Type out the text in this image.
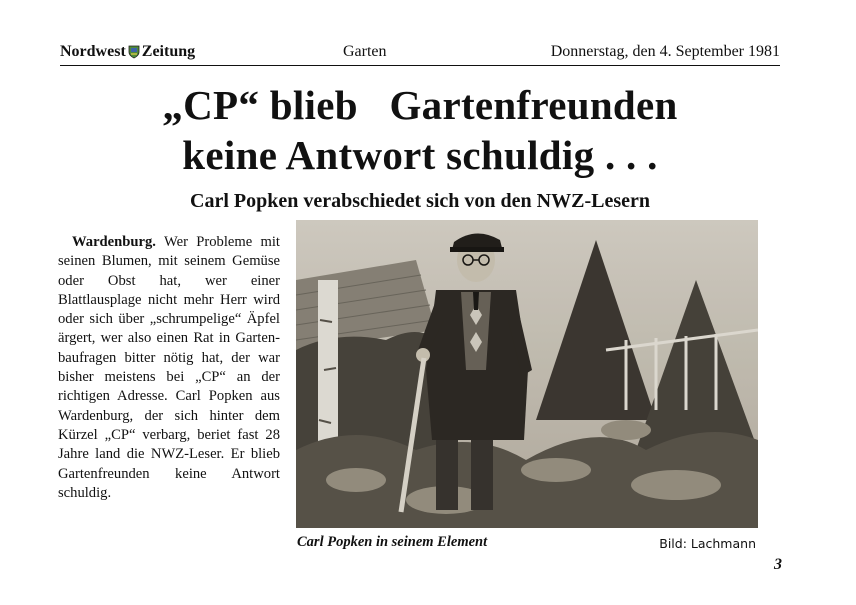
Nordwest Zeitung	Garten	Donnerstag, den 4. September 1981
„CP“ blieb   Gartenfreunden
keine Antwort schuldig . . .
Carl Popken verabschiedet sich von den NWZ-Lesern
Wardenburg. Wer Probleme mit seinen Blumen, mit seinem Gemüse oder Obst hat, wer einer Blattlausplage nicht mehr Herr wird oder sich über „schrumpelige“ Äpfel ärgert, wer also einen Rat in Gartenbaufragen bitter nötig hat, der war bisher meistens bei „CP“ an der richtigen Adresse. Carl Popken aus Wardenburg, der sich hinter dem Kürzel „CP“ verbarg, beriet fast 28 Jahre land die NWZ-Leser. Er blieb Gartenfreunden keine Antwort schuldig.
Carl Popken in seinem Element	Bild: Lachmann
3
